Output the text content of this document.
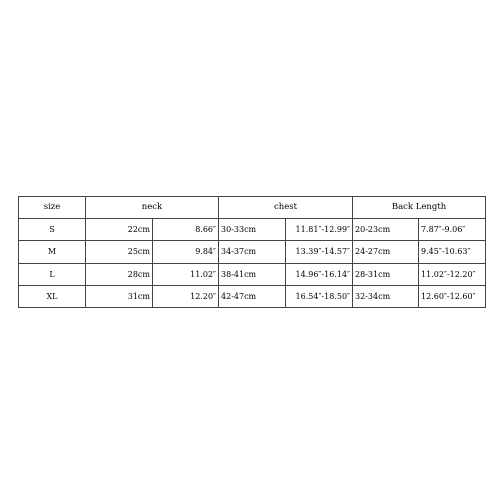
size	neck		chest		Back Length	
S	22cm	8.66″	30-33cm	11.81″-12.99″	20-23cm	7.87″-9.06″
M	25cm	9.84″	34-37cm	13.39″-14.57″	24-27cm	9.45″-10.63″
L	28cm	11.02″	38-41cm	14.96″-16.14″	28-31cm	11.02″-12.20″
XL	31cm	12.20″	42-47cm	16.54″-18.50″	32-34cm	12.60″-12.60″
